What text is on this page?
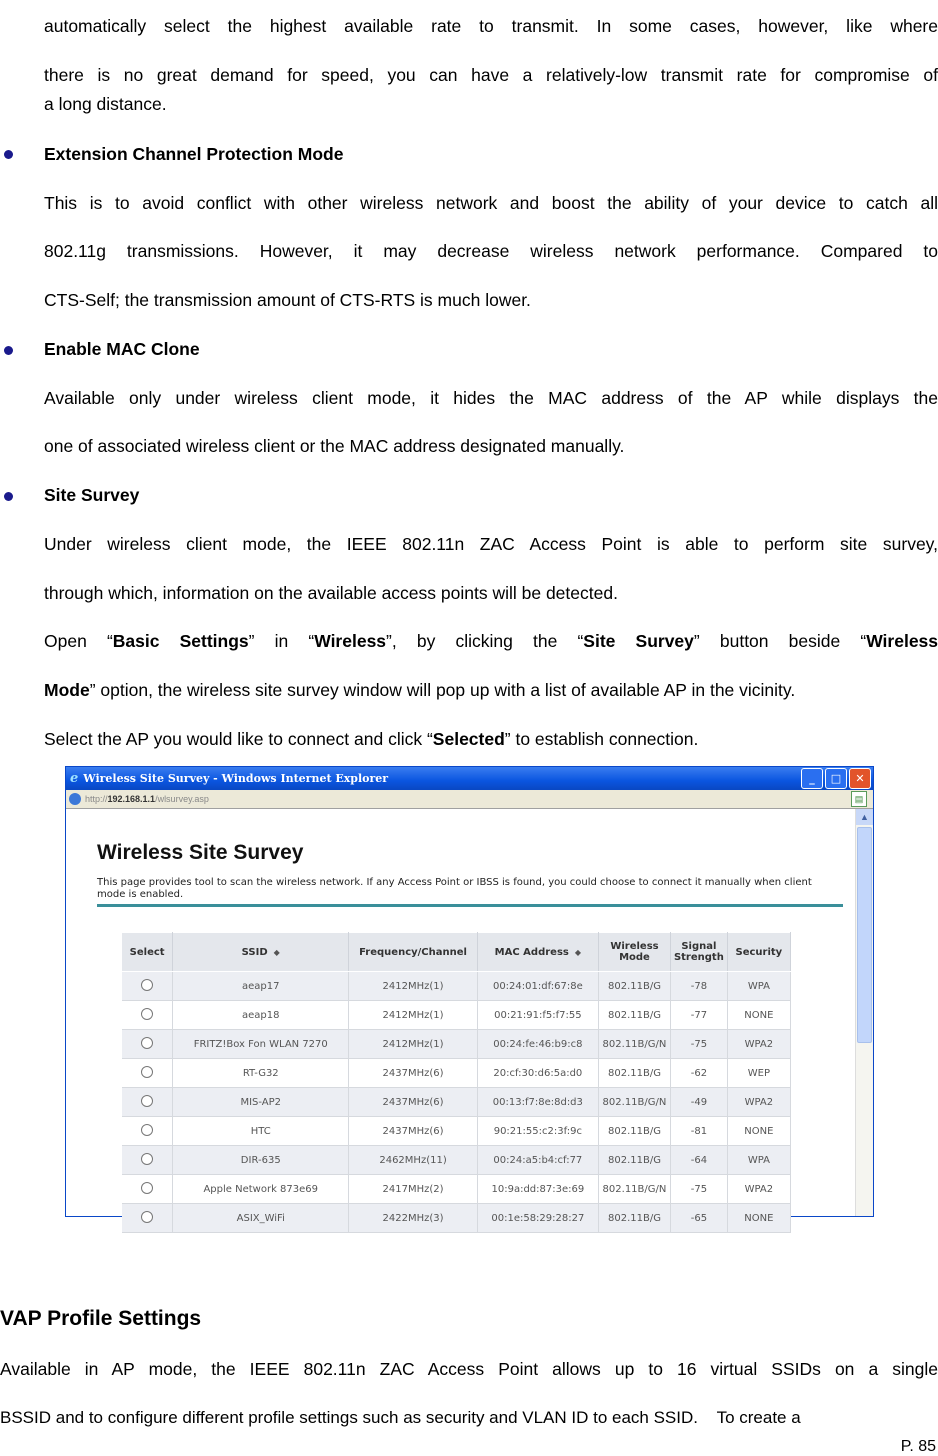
automatically select the highest available rate to transmit. In some cases, however, like where
there is no great demand for speed, you can have a relatively-low transmit rate for compromise of
a long distance.
Extension Channel Protection Mode
This is to avoid conflict with other wireless network and boost the ability of your device to catch all
802.11g transmissions. However, it may decrease wireless network performance. Compared to
CTS-Self; the transmission amount of CTS-RTS is much lower.
Enable MAC Clone
Available only under wireless client mode, it hides the MAC address of the AP while displays the
one of associated wireless client or the MAC address designated manually.
Site Survey
Under wireless client mode, the IEEE 802.11n ZAC Access Point is able to perform site survey,
through which, information on the available access points will be detected.
Open “Basic Settings” in “Wireless”, by clicking the “Site Survey” button beside “Wireless
Mode” option, the wireless site survey window will pop up with a list of available AP in the vicinity.
Select the AP you would like to connect and click “Selected” to establish connection.
e Wireless Site Survey - Windows Internet Explorer	_	□	✕
http:// 192.168.1.1 /wlsurvey.asp	▤
Wireless Site Survey
This page provides tool to scan the wireless network. If any Access Point or IBSS is found, you could choose to connect it manually when client mode is enabled.
Select	SSID ◆	Frequency/Channel	MAC Address ◆	Wireless Mode	Signal Strength	Security
	aeap17	2412MHz(1)	00:24:01:df:67:8e	802.11B/G	-78	WPA
	aeap18	2412MHz(1)	00:21:91:f5:f7:55	802.11B/G	-77	NONE
	FRITZ!Box Fon WLAN 7270	2412MHz(1)	00:24:fe:46:b9:c8	802.11B/G/N	-75	WPA2
	RT-G32	2437MHz(6)	20:cf:30:d6:5a:d0	802.11B/G	-62	WEP
	MIS-AP2	2437MHz(6)	00:13:f7:8e:8d:d3	802.11B/G/N	-49	WPA2
	HTC	2437MHz(6)	90:21:55:c2:3f:9c	802.11B/G	-81	NONE
	DIR-635	2462MHz(11)	00:24:a5:b4:cf:77	802.11B/G	-64	WPA
	Apple Network 873e69	2417MHz(2)	10:9a:dd:87:3e:69	802.11B/G/N	-75	WPA2
	ASIX_WiFi	2422MHz(3)	00:1e:58:29:28:27	802.11B/G	-65	NONE
▲
VAP Profile Settings
Available in AP mode, the IEEE 802.11n ZAC Access Point allows up to 16 virtual SSIDs on a single
BSSID and to configure different profile settings such as security and VLAN ID to each SSID.    To create a
P. 85
